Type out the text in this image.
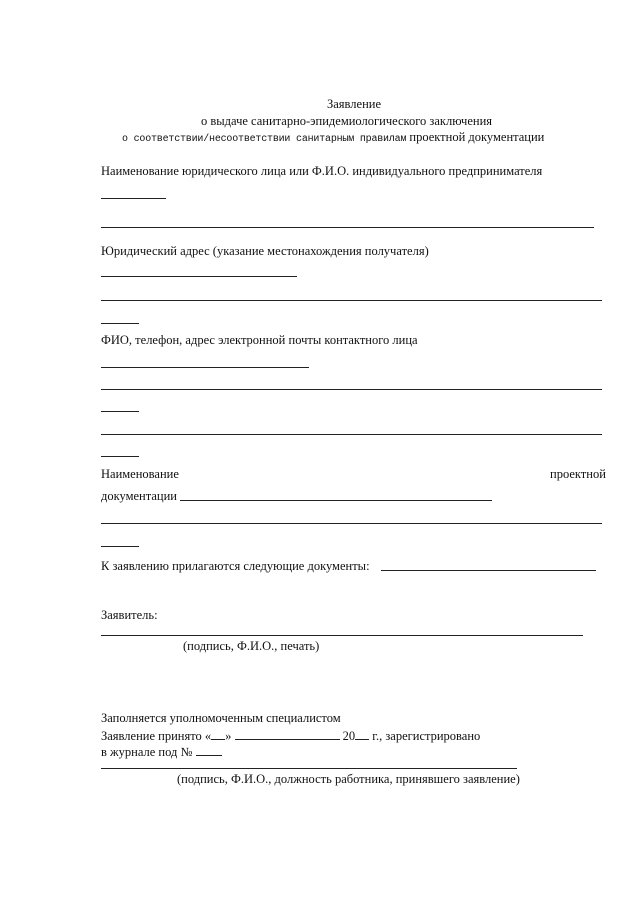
Заявление
о выдаче санитарно-эпидемиологического заключения
о соответствии/несоответствии санитарным правилам проектной документации
Наименование юридического лица или Ф.И.О. индивидуального предпринимателя
Юридический адрес (указание местонахождения получателя)
ФИО, телефон, адрес электронной почты контактного лица
Наименование	проектной
документации
К заявлению прилагаются следующие документы:
Заявитель:
(подпись, Ф.И.О., печать)
Заполняется уполномоченным специалистом
Заявление принято « »	20 г., зарегистрировано
в журнале под №
(подпись, Ф.И.О., должность работника, принявшего заявление)
